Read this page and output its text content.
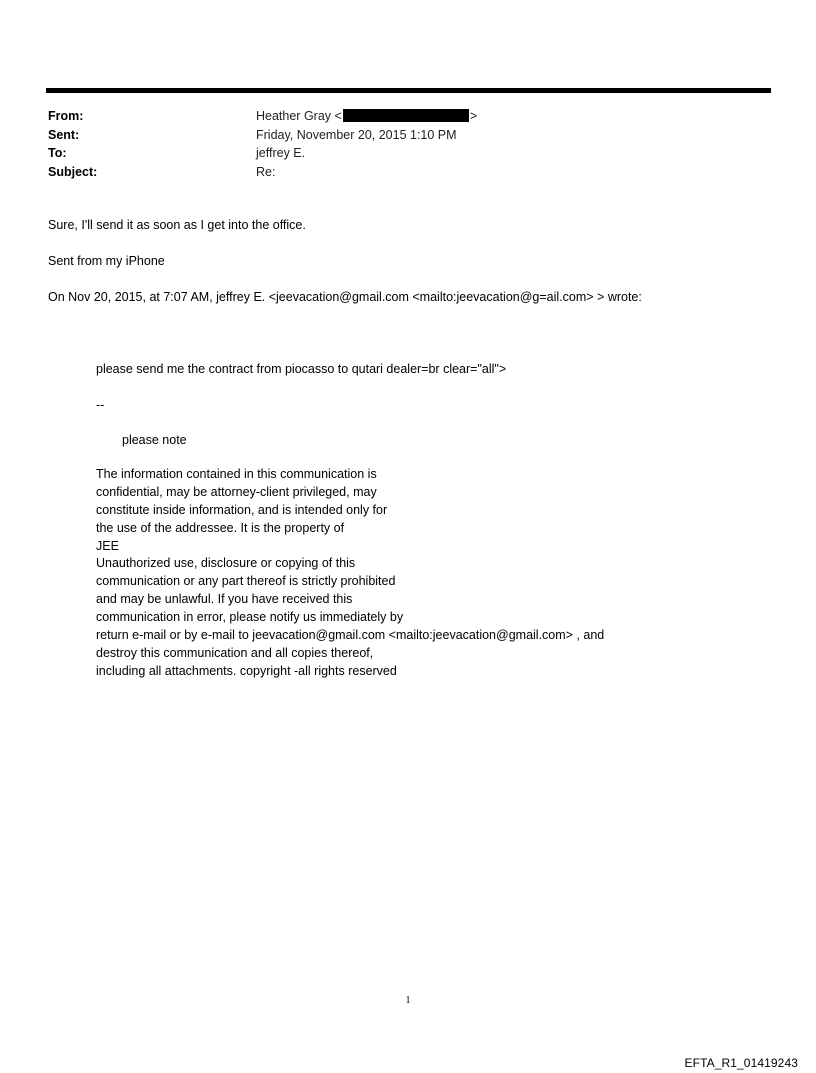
From:	Heather Gray <	>
Sent:	Friday, November 20, 2015 1:10 PM
To:	jeffrey E.
Subject:	Re:
Sure, I'll send it as soon as I get into the office.
Sent from my iPhone
On Nov 20, 2015, at 7:07 AM, jeffrey E. <jeevacation@gmail.com <mailto:jeevacation@g=ail.com> > wrote:
please send me the contract from piocasso to qutari dealer=br clear="all">
--
please note
The information contained in this communication is
confidential, may be attorney-client privileged, may
constitute inside information, and is intended only for
the use of the addressee. It is the property of
JEE
Unauthorized use, disclosure or copying of this
communication or any part thereof is strictly prohibited
and may be unlawful. If you have received this
communication in error, please notify us immediately by
return e-mail or by e-mail to jeevacation@gmail.com <mailto:jeevacation@gmail.com> , and
destroy this communication and all copies thereof,
including all attachments. copyright -all rights reserved
1
EFTA_R1_01419243
